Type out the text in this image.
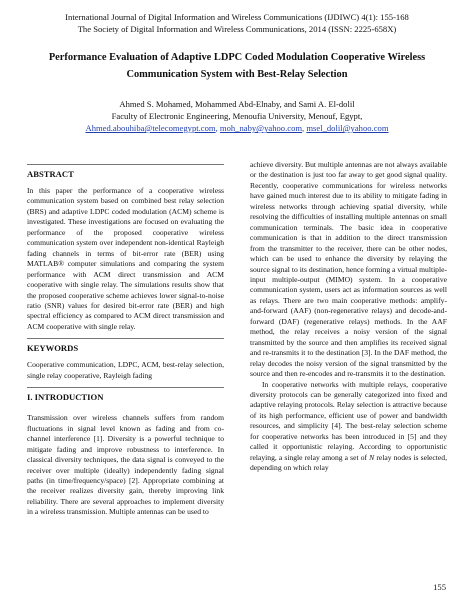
International Journal of Digital Information and Wireless Communications (IJDIWC) 4(1): 155-168
The Society of Digital Information and Wireless Communications, 2014 (ISSN: 2225-658X)
Performance Evaluation of Adaptive LDPC Coded Modulation Cooperative Wireless
Communication System with Best-Relay Selection
Ahmed S. Mohamed, Mohammed Abd-Elnaby, and Sami A. El-dolil
Faculty of Electronic Engineering, Menoufia University, Menouf, Egypt,
Ahmed.abouhiba@telecomegypt.com, moh_naby@yahoo.com, msel_dolil@yahoo.com

ABSTRACT

In this paper the performance of a cooperative wireless communication system based on combined best relay selection (BRS) and adaptive LDPC coded modulation (ACM) scheme is investigated. These investigations are focused on evaluating the performance of the proposed cooperative wireless communication system over independent non-identical Rayleigh fading channels in terms of bit-error rate (BER) using MATLAB® computer simulations and comparing the system performance with ACM direct transmission and ACM cooperative with single relay. The simulations results show that the proposed cooperative scheme achieves lower signal-to-noise ratio (SNR) values for desired bit-error rate (BER) and high spectral efficiency as compared to ACM direct transmission and ACM cooperative with single relay.

KEYWORDS

Cooperative communication, LDPC, ACM, best-relay selection, single relay cooperative, Rayleigh fading

I. INTRODUCTION

Transmission over wireless channels suffers from random fluctuations in signal level known as fading and from co-channel interference [1]. Diversity is a powerful technique to mitigate fading and improve robustness to interference. In classical diversity techniques, the data signal is conveyed to the receiver over multiple (ideally) independently fading signal paths (in time/frequency/space) [2]. Appropriate combining at the receiver realizes diversity gain, thereby improving link reliability. There are several approaches to implement diversity in a wireless transmission. Multiple antennas can be used to

achieve diversity. But multiple antennas are not always available or the destination is just too far away to get good signal quality. Recently, cooperative communications for wireless networks have gained much interest due to its ability to mitigate fading in wireless networks through achieving spatial diversity, while resolving the difficulties of installing multiple antennas on small communication terminals. The basic idea in cooperative communication is that in addition to the direct transmission from the transmitter to the receiver, there can be other nodes, which can be used to enhance the diversity by relaying the source signal to its destination, hence forming a virtual multiple-input multiple-output (MIMO) system. In a cooperative communication system, users act as information sources as well as relays. There are two main cooperative methods: amplify-and-forward (AAF) (non-regenerative relays) and decode-and-forward (DAF) (regenerative relays) methods. In the AAF method, the relay receives a noisy version of the signal transmitted by the source and then amplifies its received signal and re-transmits it to the destination [3]. In the DAF method, the relay decodes the noisy version of the signal transmitted by the source and then re-encodes and re-transmits it to the destination.

In cooperative networks with multiple relays, cooperative diversity protocols can be generally categorized into fixed and adaptive relaying protocols. Relay selection is attractive because of its high performance, efficient use of power and bandwidth resources, and simplicity [4]. The best-relay selection scheme for cooperative networks has been introduced in [5] and they called it opportunistic relaying. According to opportunistic relaying, a single relay among a set of N relay nodes is selected, depending on which relay

155
